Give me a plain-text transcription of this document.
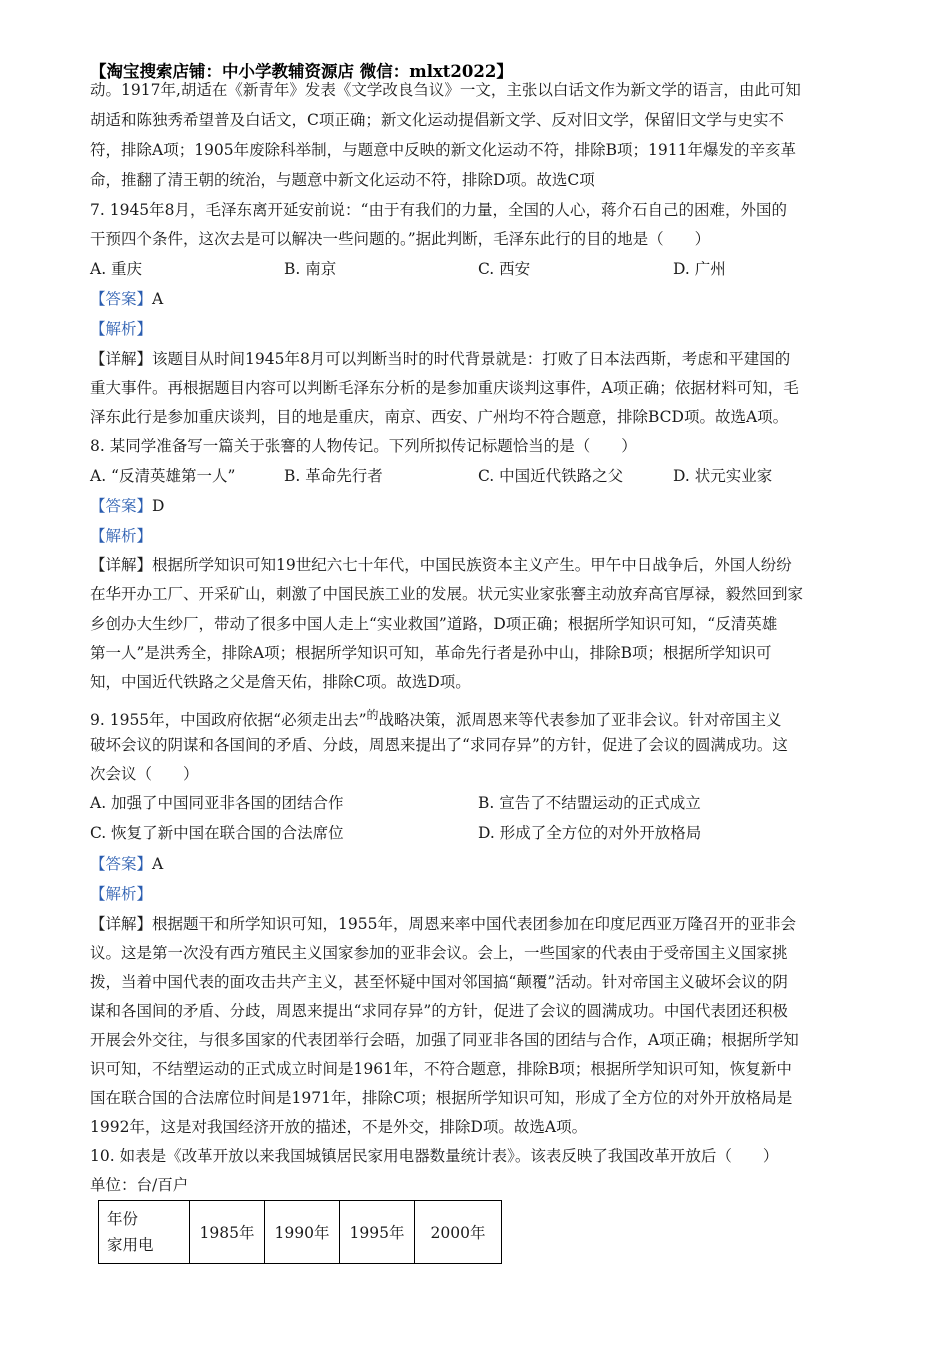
【淘宝搜索店铺：中小学教辅资源店 微信：mlxt2022】
动。1917年,胡适在《新青年》发表《文学改良刍议》一文，主张以白话文作为新文学的语言，由此可知
胡适和陈独秀希望普及白话文，C项正确；新文化运动提倡新文学、反对旧文学，保留旧文学与史实不
符，排除A项；1905年废除科举制，与题意中反映的新文化运动不符，排除B项；1911年爆发的辛亥革
命，推翻了清王朝的统治，与题意中新文化运动不符，排除D项。故选C项
7. 1945年8月，毛泽东离开延安前说：“由于有我们的力量，全国的人心，蒋介石自己的困难，外国的
干预四个条件，这次去是可以解决一些问题的。”据此判断，毛泽东此行的目的地是（　　）
A. 重庆	B. 南京	C. 西安	D. 广州
【答案】A
【解析】
【详解】该题目从时间1945年8月可以判断当时的时代背景就是：打败了日本法西斯，考虑和平建国的
重大事件。再根据题目内容可以判断毛泽东分析的是参加重庆谈判这事件，A项正确；依据材料可知，毛
泽东此行是参加重庆谈判，目的地是重庆，南京、西安、广州均不符合题意，排除BCD项。故选A项。
8. 某同学准备写一篇关于张謇的人物传记。下列所拟传记标题恰当的是（　　）
A. “反清英雄第一人”	B. 革命先行者	C. 中国近代铁路之父	D. 状元实业家
【答案】D
【解析】
【详解】根据所学知识可知19世纪六七十年代，中国民族资本主义产生。甲午中日战争后，外国人纷纷
在华开办工厂、开采矿山，刺激了中国民族工业的发展。状元实业家张謇主动放弃高官厚禄，毅然回到家
乡创办大生纱厂，带动了很多中国人走上“实业救国”道路，D项正确；根据所学知识可知，“反清英雄
第一人”是洪秀全，排除A项；根据所学知识可知，革命先行者是孙中山，排除B项；根据所学知识可
知，中国近代铁路之父是詹天佑，排除C项。故选D项。
9. 1955年，中国政府依据“必须走出去”$^的$战略决策，派周恩来等代表参加了亚非会议。针对帝国主义
破坏会议的阴谋和各国间的矛盾、分歧，周恩来提出了“求同存异”的方针，促进了会议的圆满成功。这
次会议（　　）
A. 加强了中国同亚非各国的团结合作	B. 宣告了不结盟运动的正式成立
C. 恢复了新中国在联合国的合法席位	D. 形成了全方位的对外开放格局
【答案】A
【解析】
【详解】根据题干和所学知识可知，1955年，周恩来率中国代表团参加在印度尼西亚万隆召开的亚非会
议。这是第一次没有西方殖民主义国家参加的亚非会议。会上，一些国家的代表由于受帝国主义国家挑
拨，当着中国代表的面攻击共产主义，甚至怀疑中国对邻国搞“颠覆”活动。针对帝国主义破坏会议的阴
谋和各国间的矛盾、分歧，周恩来提出“求同存异”的方针，促进了会议的圆满成功。中国代表团还积极
开展会外交往，与很多国家的代表团举行会晤，加强了同亚非各国的团结与合作，A项正确；根据所学知
识可知，不结塑运动的正式成立时间是1961年，不符合题意，排除B项；根据所学知识可知，恢复新中
国在联合国的合法席位时间是1971年，排除C项；根据所学知识可知，形成了全方位的对外开放格局是
1992年，这是对我国经济开放的描述，不是外交，排除D项。故选A项。
10. 如表是《改革开放以来我国城镇居民家用电器数量统计表》。该表反映了我国改革开放后（　　）
单位：台/百户
年份
家用电
	1985年	1990年	1995年	2000年
